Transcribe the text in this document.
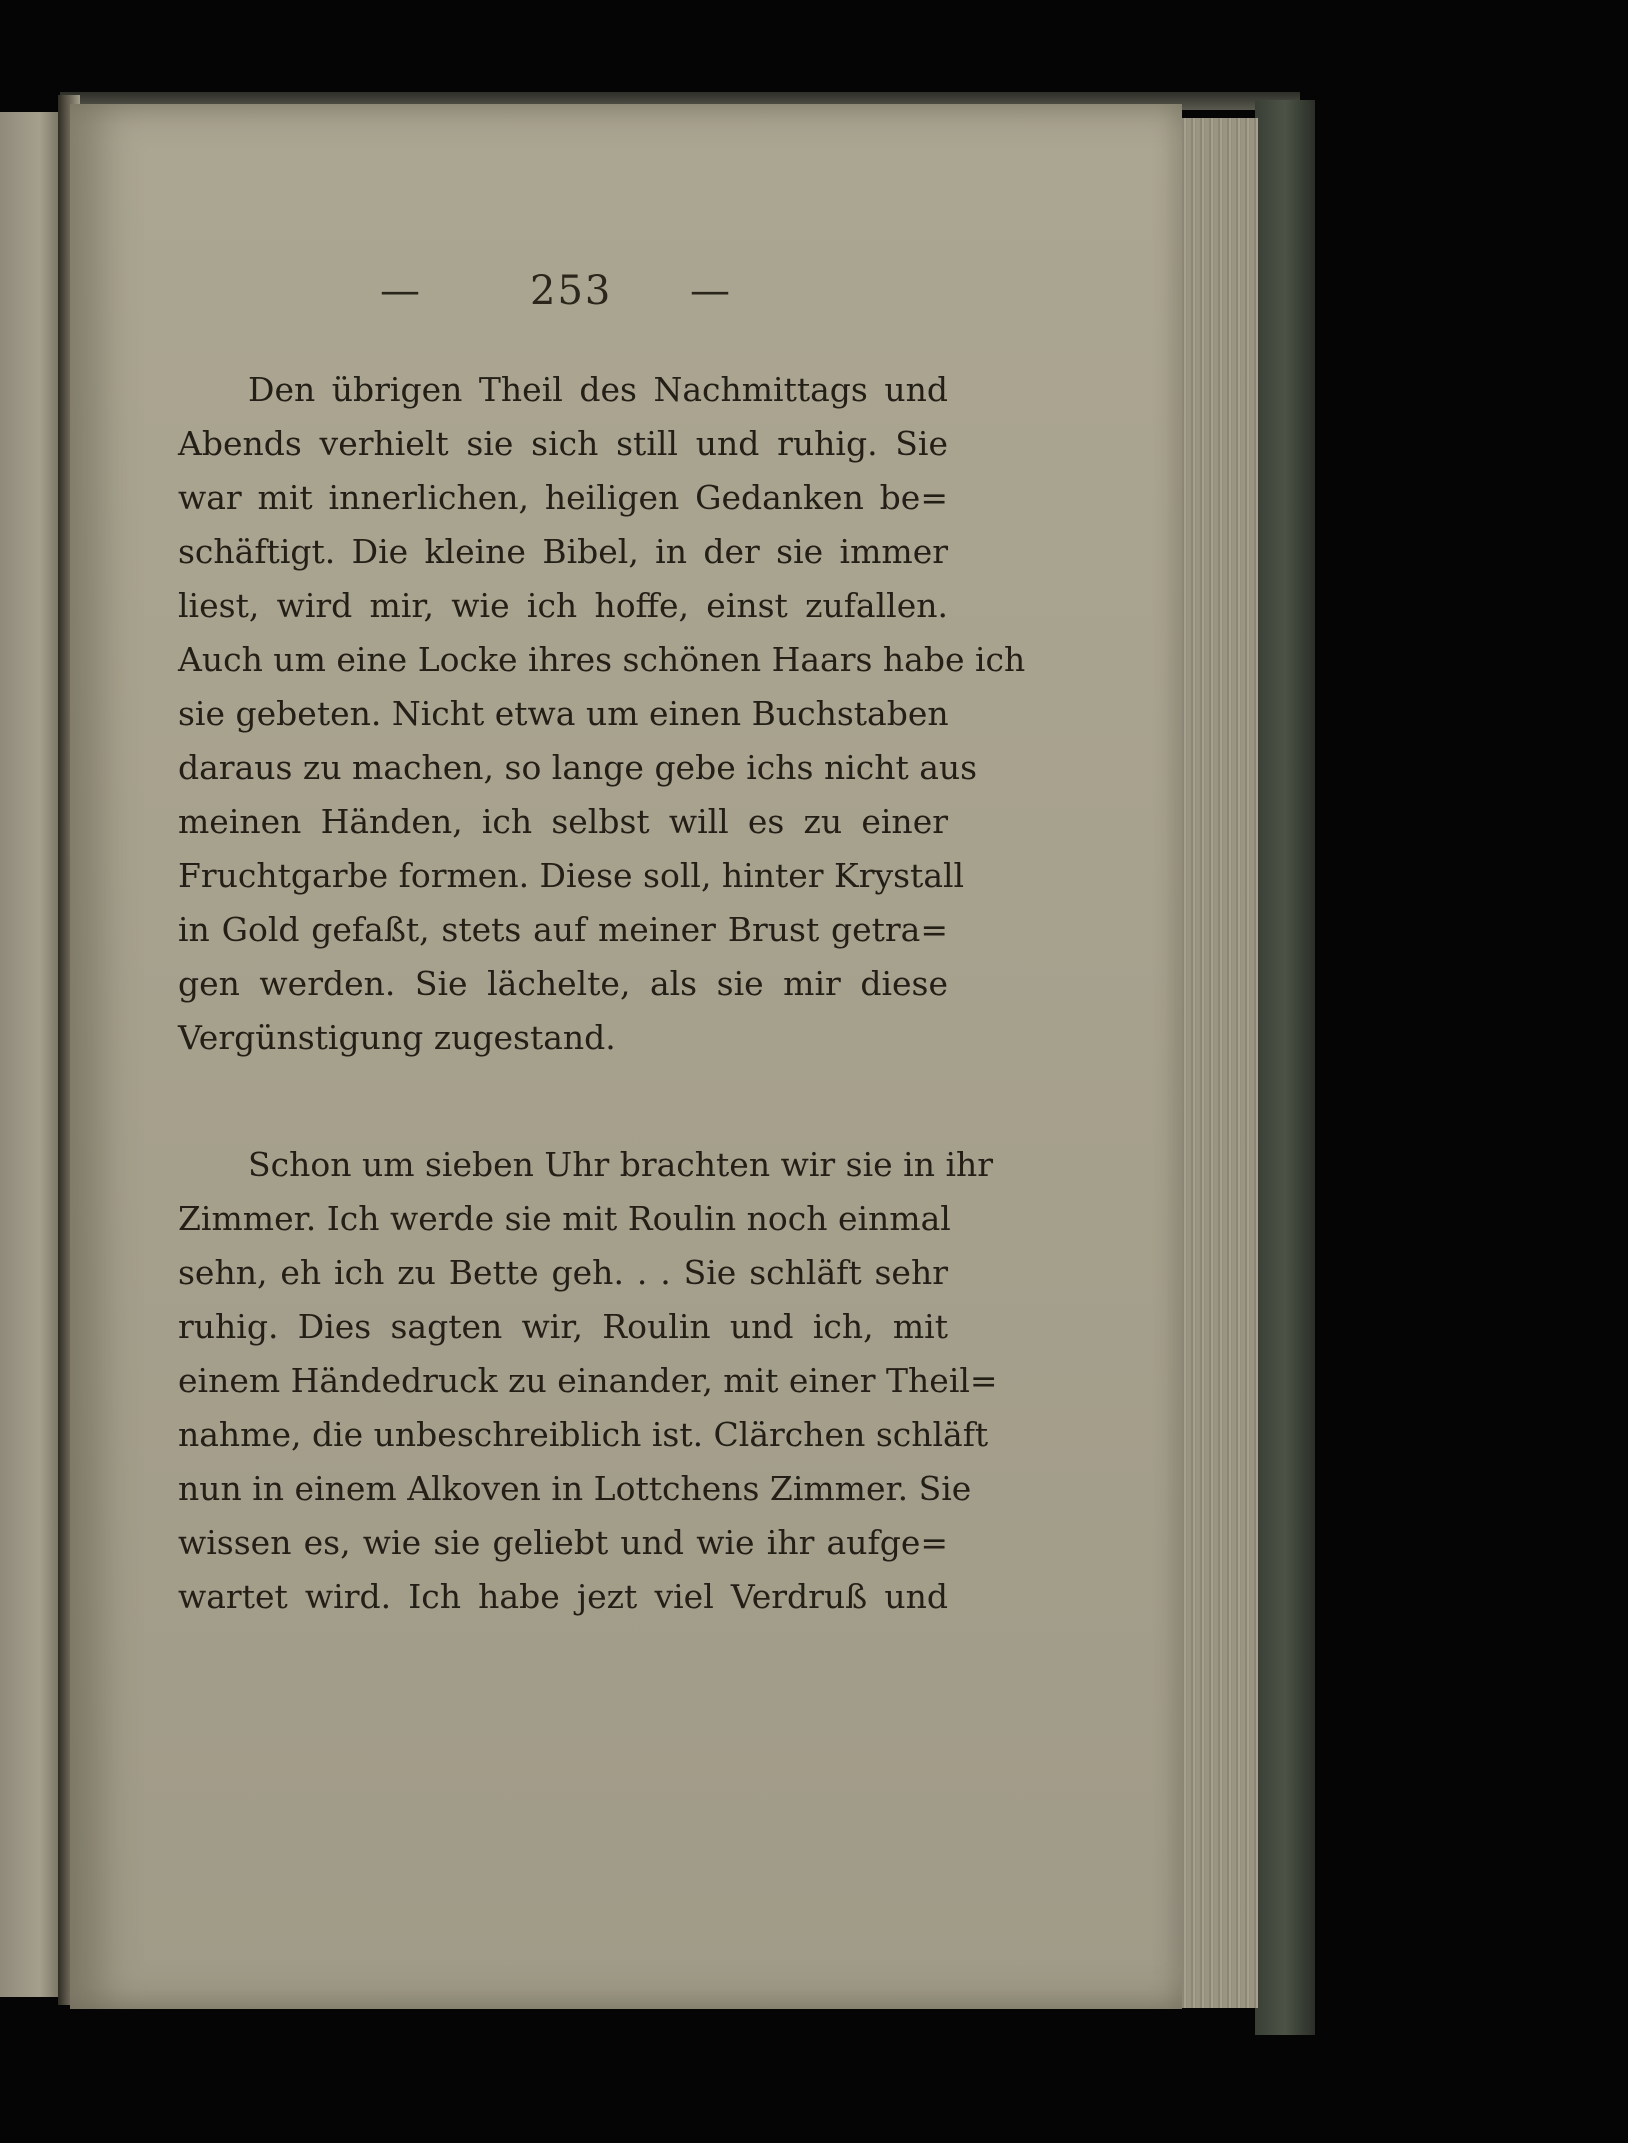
—	253 —
Den übrigen Theil des Nachmittags und
Abends verhielt sie sich still und ruhig. Sie
war mit innerlichen, heiligen Gedanken be=
schäftigt. Die kleine Bibel, in der sie immer
liest, wird mir, wie ich hoffe, einst zufallen.
Auch um eine Locke ihres schönen Haars habe ich
sie gebeten. Nicht etwa um einen Buchstaben
daraus zu machen, so lange gebe ichs nicht aus
meinen Händen, ich selbst will es zu einer
Fruchtgarbe formen. Diese soll, hinter Krystall
in Gold gefaßt, stets auf meiner Brust getra=
gen werden. Sie lächelte, als sie mir diese
Vergünstigung zugestand.
Schon um sieben Uhr brachten wir sie in ihr
Zimmer. Ich werde sie mit Roulin noch einmal
sehn, eh ich zu Bette geh. . . Sie schläft sehr
ruhig. Dies sagten wir, Roulin und ich, mit
einem Händedruck zu einander, mit einer Theil=
nahme, die unbeschreiblich ist. Clärchen schläft
nun in einem Alkoven in Lottchens Zimmer. Sie
wissen es, wie sie geliebt und wie ihr aufge=
wartet wird. Ich habe jezt viel Verdruß und
